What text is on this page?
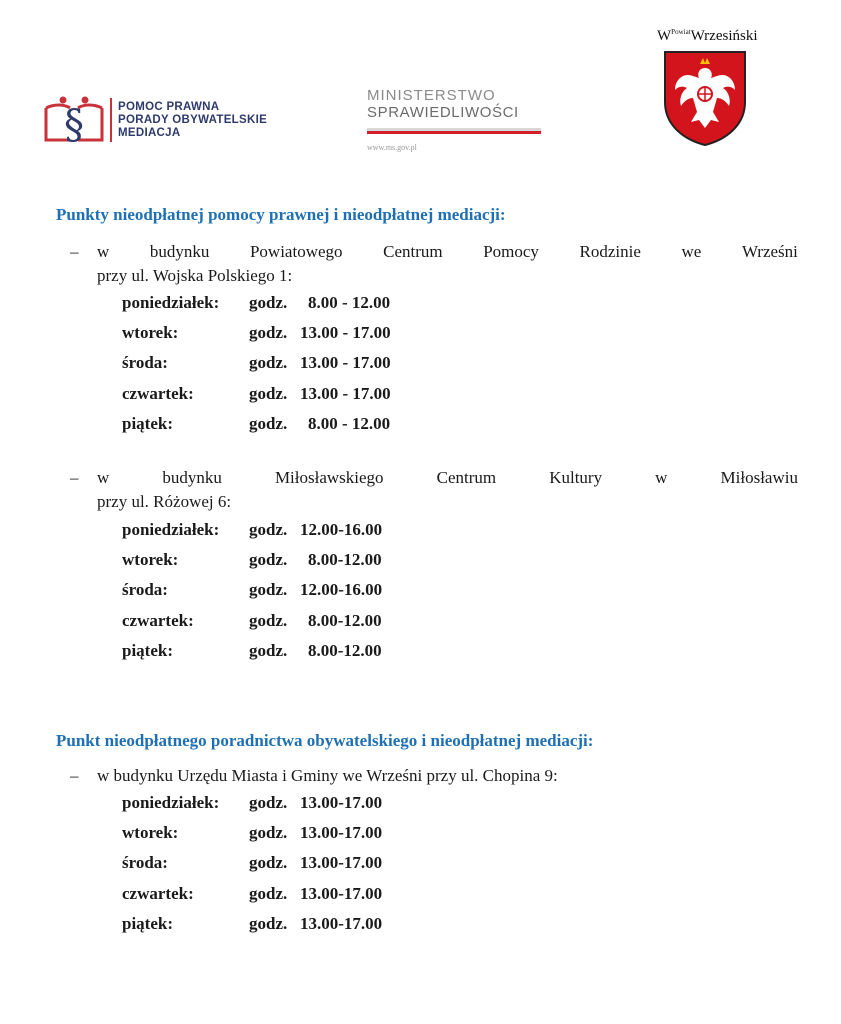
§	POMOC PRAWNA
PORADY OBYWATELSKIE
MEDIACJA
MINISTERSTWO
SPRAWIEDLIWOŚCI
www.ms.gov.pl
$W^{Powiat}Wrzesiński$
Punkty nieodpłatnej pomocy prawnej i nieodpłatnej mediacji:
– w budynku Powiatowego Centrum Pomocy Rodzinie we Wrześni
przy ul. Wojska Polskiego 1:
poniedziałek: godz. 8.00 - 12.00
wtorek:	godz. 13.00 - 17.00
środa:	godz. 13.00 - 17.00
czwartek:	godz. 13.00 - 17.00
piątek:	godz. 8.00 - 12.00
– w	budynku	Miłosławskiego	Centrum	Kultury	w	Miłosławiu
przy ul. Różowej 6:
poniedziałek: godz. 12.00-16.00
wtorek:	godz. 8.00-12.00
środa:	godz. 12.00-16.00
czwartek:	godz. 8.00-12.00
piątek:	godz. 8.00-12.00
Punkt nieodpłatnego poradnictwa obywatelskiego i nieodpłatnej mediacji:
– w budynku Urzędu Miasta i Gminy we Wrześni przy ul. Chopina 9:
poniedziałek: godz. 13.00-17.00
wtorek:	godz. 13.00-17.00
środa:	godz. 13.00-17.00
czwartek:	godz. 13.00-17.00
piątek:	godz. 13.00-17.00
